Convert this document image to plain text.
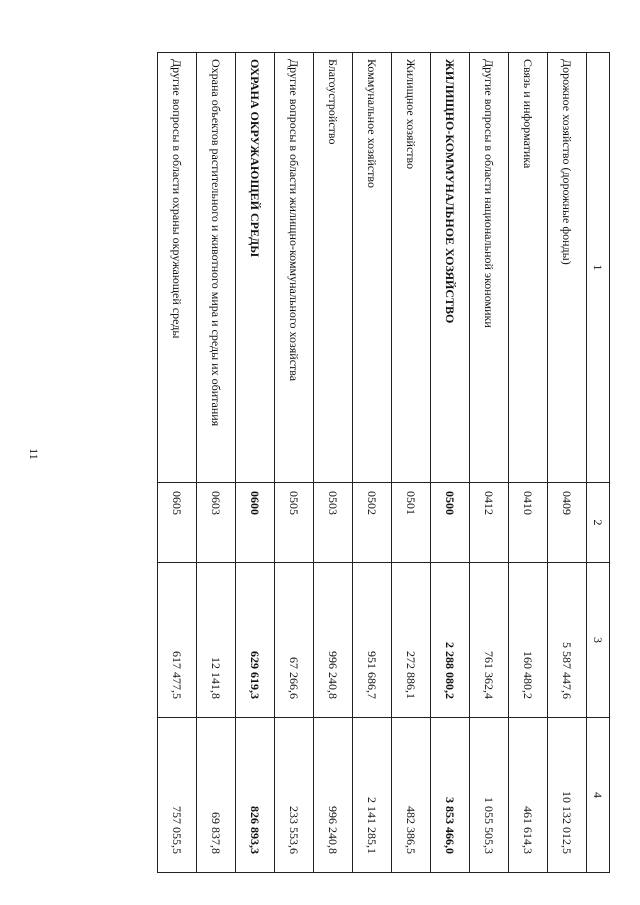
11
1	2	3	4
Дорожное хозяйство (дорожные фонды)	0409	5 587 447,6	10 132 012,5
Связь и информатика	0410	160 480,2	461 614,3
Другие вопросы в области национальной экономики	0412	761 362,4	1 055 505,3
ЖИЛИЩНО-КОММУНАЛЬНОЕ ХОЗЯЙСТВО	0500	2 288 080,2	3 853 466,0
Жилищное хозяйство	0501	272 886,1	482 386,5
Коммунальное хозяйство	0502	951 686,7	2 141 285,1
Благоустройство	0503	996 240,8	996 240,8
Другие вопросы в области жилищно-коммунального хозяйства	0505	67 266,6	233 553,6
ОХРАНА ОКРУЖАЮЩЕЙ СРЕДЫ	0600	629 619,3	826 893,3
Охрана объектов растительного и животного мира и среды их обитания	0603	12 141,8	69 837,8
Другие вопросы в области охраны окружающей среды	0605	617 477,5	757 055,5
